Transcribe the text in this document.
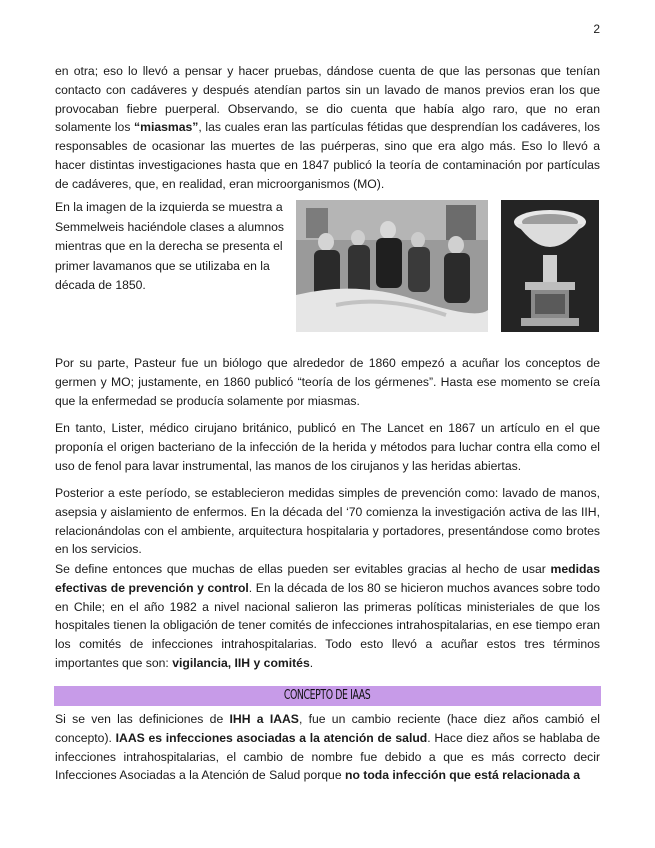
2

en otra; eso lo llevó a pensar y hacer pruebas, dándose cuenta de que las personas que tenían contacto con cadáveres y después atendían partos sin un lavado de manos previos eran los que provocaban fiebre puerperal. Observando, se dio cuenta que había algo raro, que no eran solamente los “miasmas”, las cuales eran las partículas fétidas que desprendían los cadáveres, los responsables de ocasionar las muertes de las puérperas, sino que era algo más. Eso lo llevó a hacer distintas investigaciones hasta que en 1847 publicó la teoría de contaminación por partículas de cadáveres, que, en realidad, eran microorganismos (MO).

En la imagen de la izquierda se muestra a Semmelweis haciéndole clases a alumnos mientras que en la derecha se presenta el primer lavamanos que se utilizaba en la década de 1850.

Por su parte, Pasteur fue un biólogo que alrededor de 1860 empezó a acuñar los conceptos de germen y MO; justamente, en 1860 publicó “teoría de los gérmenes”. Hasta ese momento se creía que la enfermedad se producía solamente por miasmas.

En tanto, Lister, médico cirujano británico, publicó en The Lancet en 1867 un artículo en el que proponía el origen bacteriano de la infección de la herida y métodos para luchar contra ella como el uso de fenol para lavar instrumental, las manos de los cirujanos y las heridas abiertas.

Posterior a este período, se establecieron medidas simples de prevención como: lavado de manos, asepsia y aislamiento de enfermos. En la década del ‘70 comienza la investigación activa de las IIH, relacionándolas con el ambiente, arquitectura hospitalaria y portadores, presentándose como brotes en los servicios.

Se define entonces que muchas de ellas pueden ser evitables gracias al hecho de usar medidas efectivas de prevención y control. En la década de los 80 se hicieron muchos avances sobre todo en Chile; en el año 1982 a nivel nacional salieron las primeras políticas ministeriales de que los hospitales tienen la obligación de tener comités de infecciones intrahospitalarias, en ese tiempo eran los comités de infecciones intrahospitalarias. Todo esto llevó a acuñar estos tres términos importantes que son: vigilancia, IIH y comités.

CONCEPTO DE IAAS

Si se ven las definiciones de IHH a IAAS, fue un cambio reciente (hace diez años cambió el concepto). IAAS es infecciones asociadas a la atención de salud. Hace diez años se hablaba de infecciones intrahospitalarias, el cambio de nombre fue debido a que es más correcto decir Infecciones Asociadas a la Atención de Salud porque no toda infección que está relacionada a
